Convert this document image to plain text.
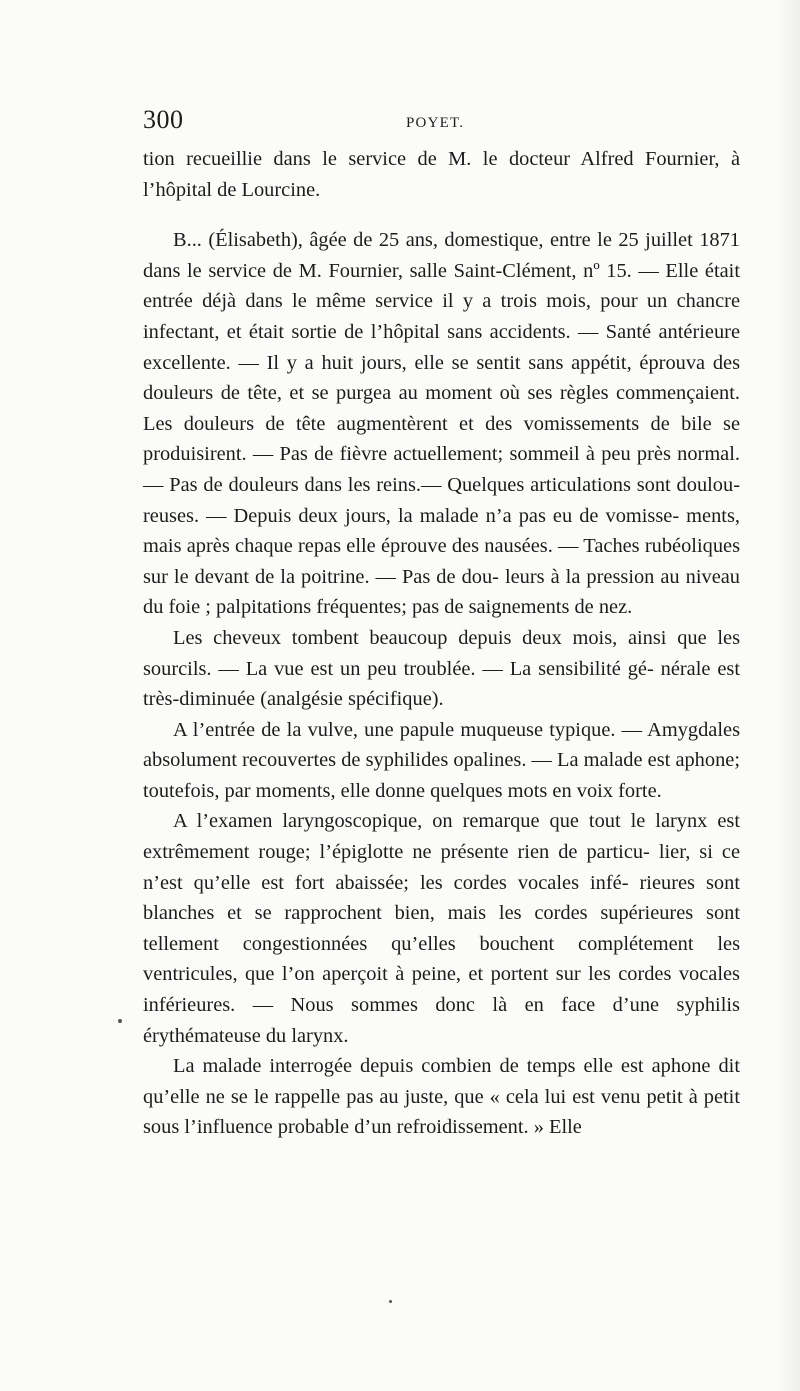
300	POYET.

tion recueillie dans le service de M. le docteur Alfred Fournier, à l’hôpital de Lourcine.

B... (Élisabeth), âgée de 25 ans, domestique, entre le 25 juillet 1871 dans le service de M. Fournier, salle Saint-Clément, nº 15. — Elle était entrée déjà dans le même service il y a trois mois, pour un chancre infectant, et était sortie de l’hôpital sans accidents. — Santé antérieure excellente. — Il y a huit jours, elle se sentit sans appétit, éprouva des douleurs de tête, et se purgea au moment où ses règles commençaient. Les douleurs de tête augmentèrent et des vomissements de bile se produisirent. — Pas de fièvre actuellement; sommeil à peu près normal. — Pas de douleurs dans les reins.— Quelques articulations sont doulou- reuses. — Depuis deux jours, la malade n’a pas eu de vomisse- ments, mais après chaque repas elle éprouve des nausées. — Taches rubéoliques sur le devant de la poitrine. — Pas de dou- leurs à la pression au niveau du foie ; palpitations fréquentes; pas de saignements de nez.

Les cheveux tombent beaucoup depuis deux mois, ainsi que les sourcils. — La vue est un peu troublée. — La sensibilité gé- nérale est très-diminuée (analgésie spécifique).

A l’entrée de la vulve, une papule muqueuse typique. — Amygdales absolument recouvertes de syphilides opalines. — La malade est aphone; toutefois, par moments, elle donne quelques mots en voix forte.

A l’examen laryngoscopique, on remarque que tout le larynx est extrêmement rouge; l’épiglotte ne présente rien de particu- lier, si ce n’est qu’elle est fort abaissée; les cordes vocales infé- rieures sont blanches et se rapprochent bien, mais les cordes supérieures sont tellement congestionnées qu’elles bouchent complétement les ventricules, que l’on aperçoit à peine, et portent sur les cordes vocales inférieures. — Nous sommes donc là en face d’une syphilis érythémateuse du larynx.

La malade interrogée depuis combien de temps elle est aphone dit qu’elle ne se le rappelle pas au juste, que « cela lui est venu petit à petit sous l’influence probable d’un refroidissement. » Elle
